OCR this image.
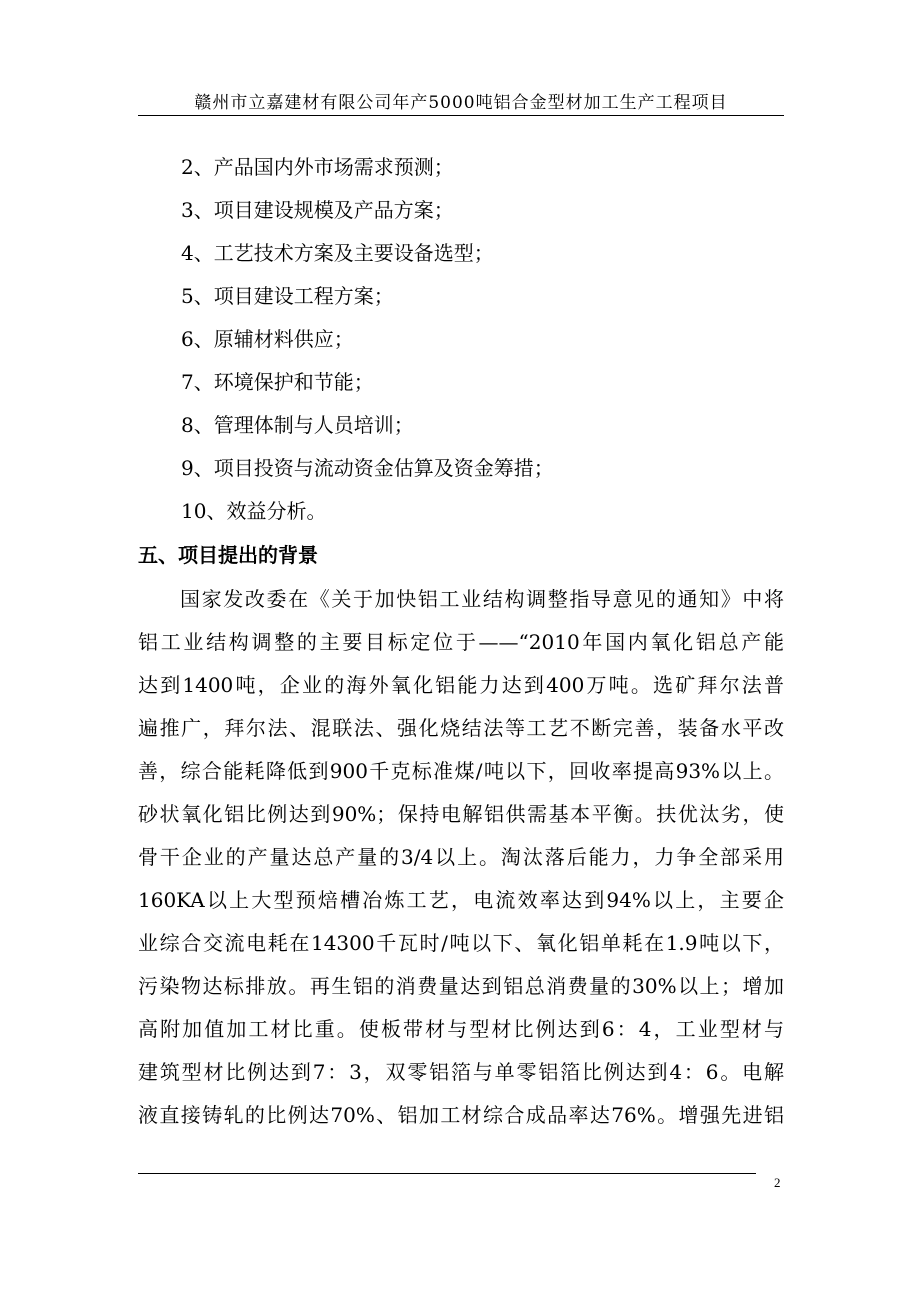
赣州市立嘉建材有限公司年产5000吨铝合金型材加工生产工程项目
2、产品国内外市场需求预测；
3、项目建设规模及产品方案；
4、工艺技术方案及主要设备选型；
5、项目建设工程方案；
6、原辅材料供应；
7、环境保护和节能；
8、管理体制与人员培训；
9、项目投资与流动资金估算及资金筹措；
10、效益分析。
五、项目提出的背景

国家发改委在《关于加快铝工业结构调整指导意见的通知》中将
铝工业结构调整的主要目标定位于——“2010年国内氧化铝总产能
达到1400吨，企业的海外氧化铝能力达到400万吨。选矿拜尔法普
遍推广，拜尔法、混联法、强化烧结法等工艺不断完善，装备水平改
善，综合能耗降低到900千克标准煤/吨以下，回收率提高93%以上。
砂状氧化铝比例达到90%；保持电解铝供需基本平衡。扶优汰劣，使
骨干企业的产量达总产量的3/4以上。淘汰落后能力，力争全部采用
160KA以上大型预焙槽冶炼工艺，电流效率达到94%以上，主要企
业综合交流电耗在14300千瓦时/吨以下、氧化铝单耗在1.9吨以下，
污染物达标排放。再生铝的消费量达到铝总消费量的30%以上；增加
高附加值加工材比重。使板带材与型材比例达到6：4，工业型材与
建筑型材比例达到7：3，双零铝箔与单零铝箔比例达到4：6。电解
液直接铸轧的比例达70%、铝加工材综合成品率达76%。增强先进铝

2
